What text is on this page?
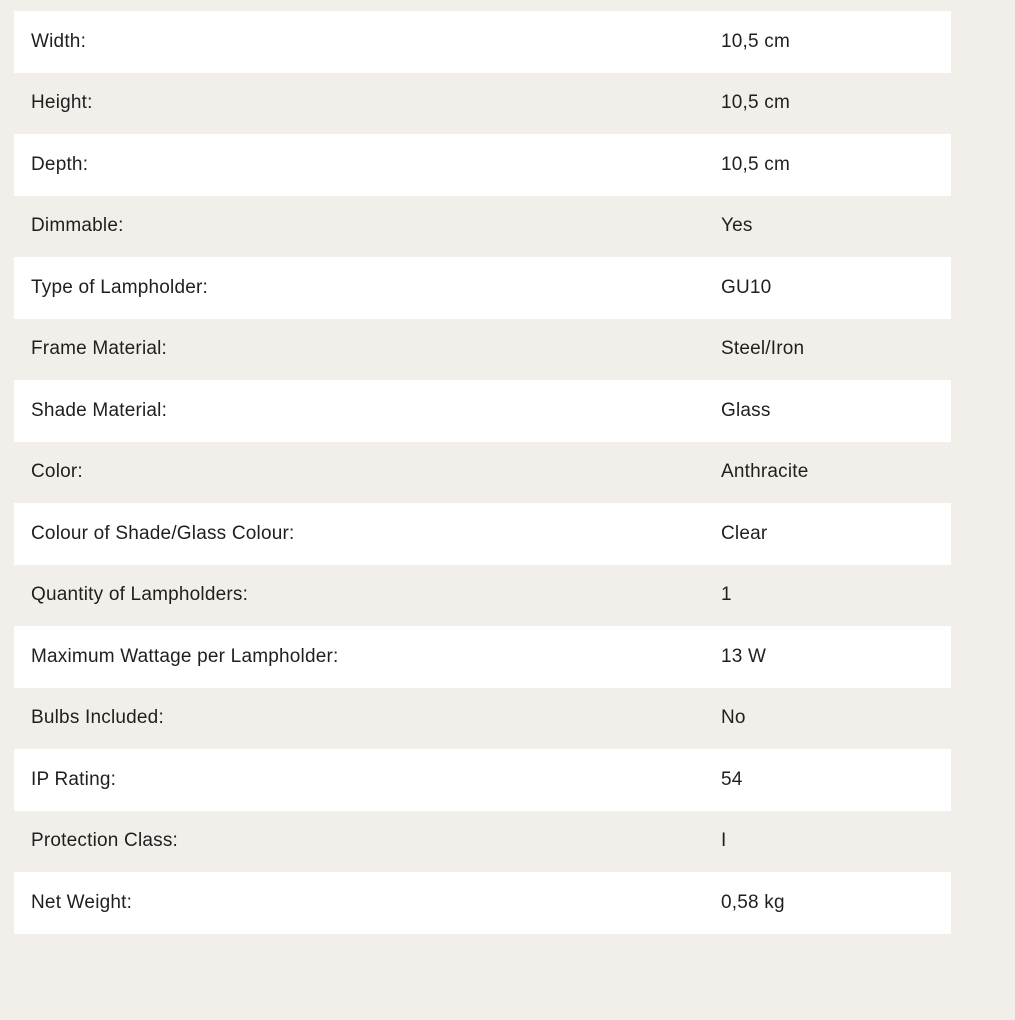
Width:	10,5 cm
Height:	10,5 cm
Depth:	10,5 cm
Dimmable:	Yes
Type of Lampholder:	GU10
Frame Material:	Steel/Iron
Shade Material:	Glass
Color:	Anthracite
Colour of Shade/Glass Colour:	Clear
Quantity of Lampholders:	1
Maximum Wattage per Lampholder:	13 W
Bulbs Included:	No
IP Rating:	54
Protection Class:	I
Net Weight:	0,58 kg
